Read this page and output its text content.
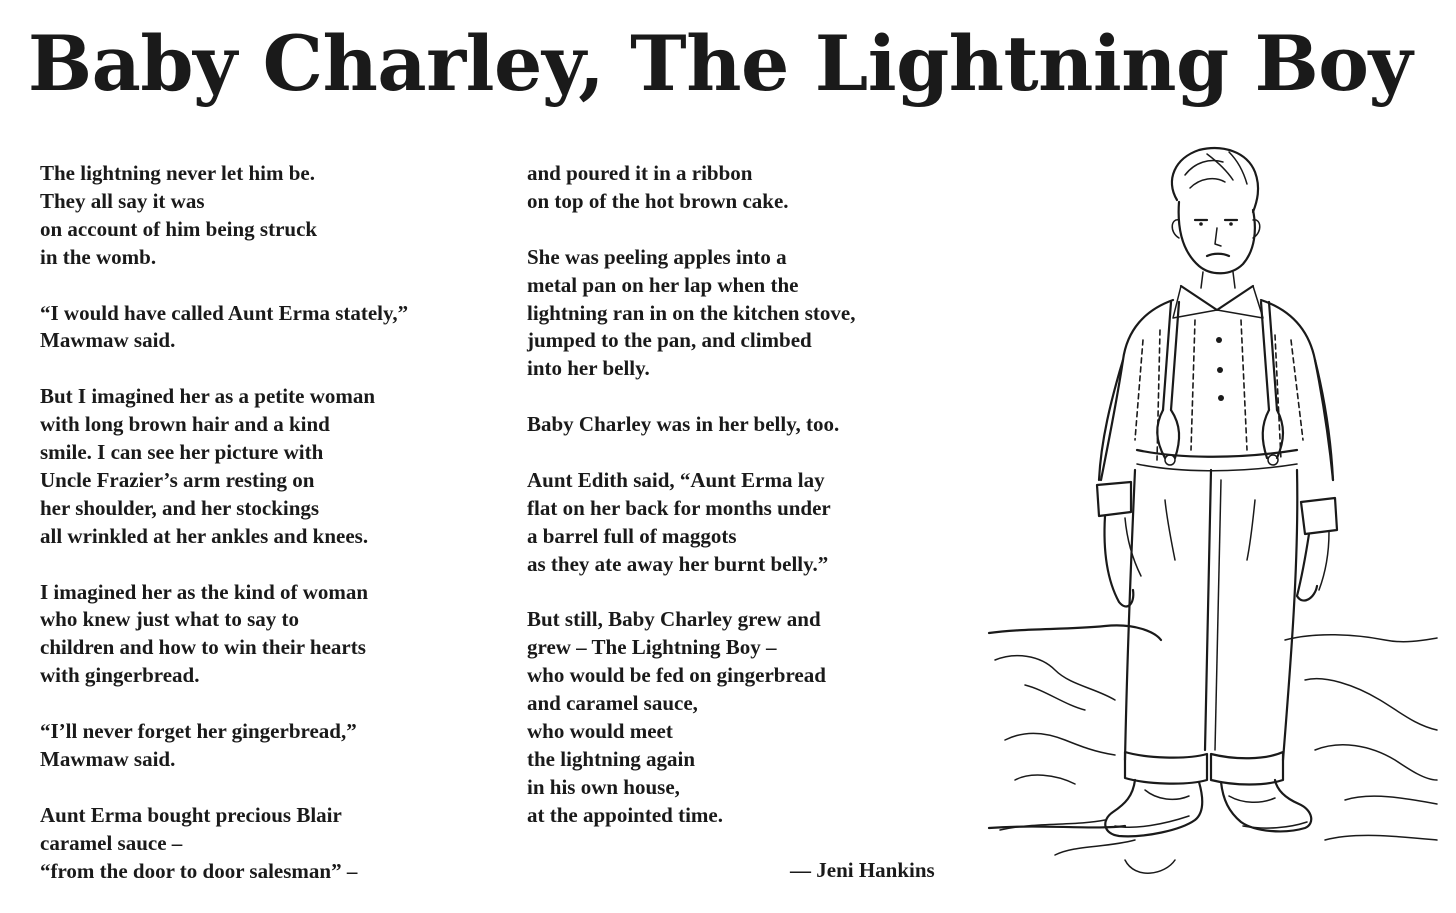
Baby Charley, The Lightning Boy
The lightning never let him be.
They all say it was
on account of him being struck
in the womb.
“I would have called Aunt Erma stately,”
Mawmaw said.
But I imagined her as a petite woman
with long brown hair and a kind
smile. I can see her picture with
Uncle Frazier’s arm resting on
her shoulder, and her stockings
all wrinkled at her ankles and knees.
I imagined her as the kind of woman
who knew just what to say to
children and how to win their hearts
with gingerbread.
“I’ll never forget her gingerbread,”
Mawmaw said.
Aunt Erma bought precious Blair
caramel sauce –
“from the door to door salesman” –
and poured it in a ribbon
on top of the hot brown cake.
She was peeling apples into a
metal pan on her lap when the
lightning ran in on the kitchen stove,
jumped to the pan, and climbed
into her belly.
Baby Charley was in her belly, too.
Aunt Edith said, “Aunt Erma lay
flat on her back for months under
a barrel full of maggots
as they ate away her burnt belly.”
But still, Baby Charley grew and
grew – The Lightning Boy –
who would be fed on gingerbread
and caramel sauce,
who would meet
the lightning again
in his own house,
at the appointed time.
— Jeni Hankins
